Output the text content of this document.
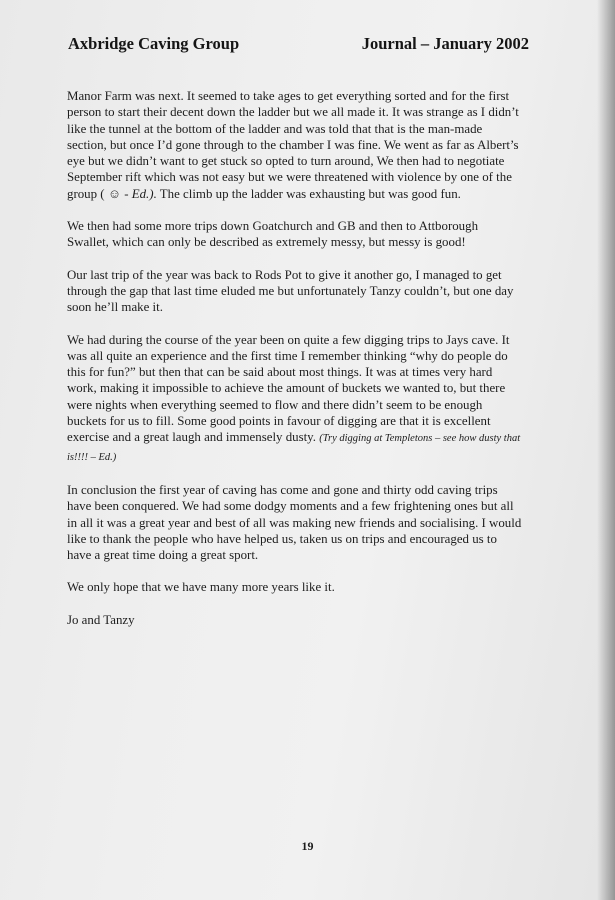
Axbridge Caving Group	Journal – January 2002

Manor Farm was next. It seemed to take ages to get everything sorted and for the first person to start their decent down the ladder but we all made it. It was strange as I didn’t like the tunnel at the bottom of the ladder and was told that that is the man-made section, but once I’d gone through to the chamber I was fine. We went as far as Albert’s eye but we didn’t want to get stuck so opted to turn around, We then had to negotiate September rift which was not easy but we were threatened with violence by one of the group ( ☺ - Ed.). The climb up the ladder was exhausting but was good fun.

We then had some more trips down Goatchurch and GB and then to Attborough Swallet, which can only be described as extremely messy, but messy is good!

Our last trip of the year was back to Rods Pot to give it another go, I managed to get through the gap that last time eluded me but unfortunately Tanzy couldn’t, but one day soon he’ll make it.

We had during the course of the year been on quite a few digging trips to Jays cave. It was all quite an experience and the first time I remember thinking “why do people do this for fun?” but then that can be said about most things. It was at times very hard work, making it impossible to achieve the amount of buckets we wanted to, but there were nights when everything seemed to flow and there didn’t seem to be enough buckets for us to fill. Some good points in favour of digging are that it is excellent exercise and a great laugh and immensely dusty. (Try digging at Templetons – see how dusty that is!!!! – Ed.)

In conclusion the first year of caving has come and gone and thirty odd caving trips have been conquered. We had some dodgy moments and a few frightening ones but all in all it was a great year and best of all was making new friends and socialising. I would like to thank the people who have helped us, taken us on trips and encouraged us to have a great time doing a great sport.

We only hope that we have many more years like it.

Jo and Tanzy

19
